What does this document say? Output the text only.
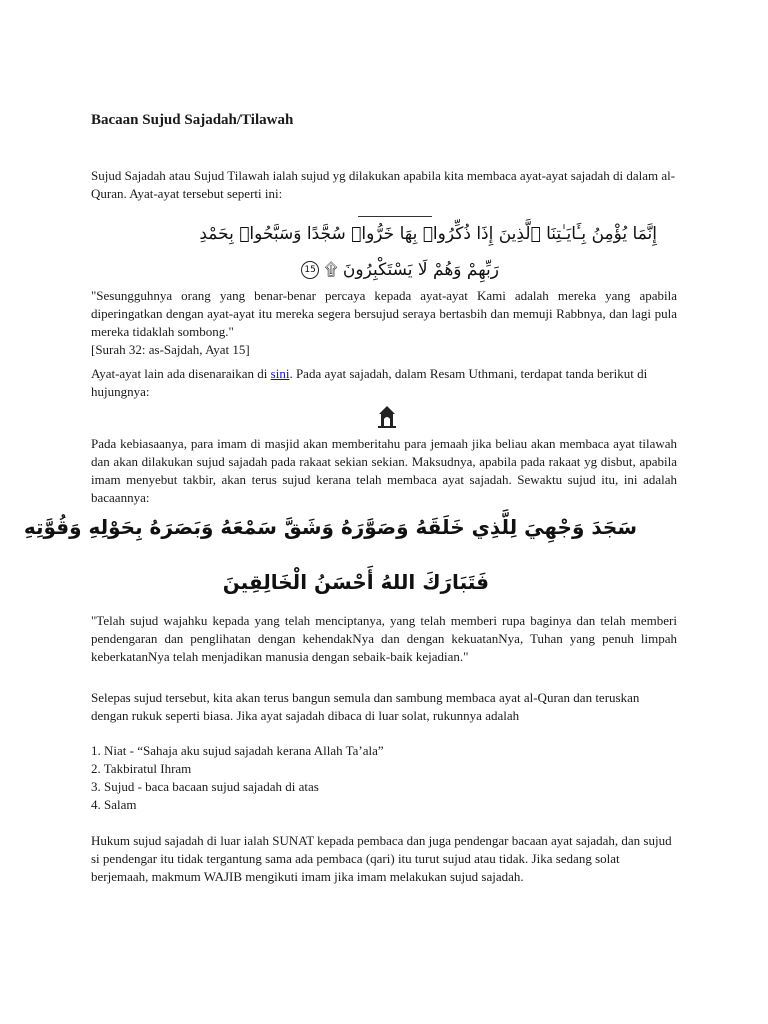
Bacaan Sujud Sajadah/Tilawah

Sujud Sajadah atau Sujud Tilawah ialah sujud yg dilakukan apabila kita membaca ayat-ayat sajadah di dalam al-Quran. Ayat-ayat tersebut seperti ini:

إِنَّمَا يُؤْمِنُ بِـَٔايَـٰتِنَا ٱلَّذِينَ إِذَا ذُكِّرُوا۟ بِهَا خَرُّوا۟ سُجَّدًا وَسَبَّحُوا۟ بِحَمْدِ
رَبِّهِمْ وَهُمْ لَا يَسْتَكْبِرُونَ ۩ 15

"Sesungguhnya orang yang benar-benar percaya kepada ayat-ayat Kami adalah mereka yang apabila diperingatkan dengan ayat-ayat itu mereka segera bersujud seraya bertasbih dan memuji Rabbnya, dan lagi pula mereka tidaklah sombong."

[Surah 32: as-Sajdah, Ayat 15]

Ayat-ayat lain ada disenaraikan di sini. Pada ayat sajadah, dalam Resam Uthmani, terdapat tanda berikut di hujungnya:

Pada kebiasaanya, para imam di masjid akan memberitahu para jemaah jika beliau akan membaca ayat tilawah dan akan dilakukan sujud sajadah pada rakaat sekian sekian. Maksudnya, apabila pada rakaat yg disbut, apabila imam menyebut takbir, akan terus sujud kerana telah membaca ayat sajadah. Sewaktu sujud itu, ini adalah bacaannya:

سَجَدَ وَجْهِيَ لِلَّذِي خَلَقَهُ وَصَوَّرَهُ وَشَقَّ سَمْعَهُ وَبَصَرَهُ بِحَوْلِهِ وَقُوَّتِهِ
فَتَبَارَكَ اللهُ أَحْسَنُ الْخَالِقِينَ

"Telah sujud wajahku kepada yang telah menciptanya, yang telah memberi rupa baginya dan telah memberi pendengaran dan penglihatan dengan kehendakNya dan dengan kekuatanNya, Tuhan yang penuh limpah keberkatanNya telah menjadikan manusia dengan sebaik-baik kejadian."

Selepas sujud tersebut, kita akan terus bangun semula dan sambung membaca ayat al-Quran dan teruskan dengan rukuk seperti biasa. Jika ayat sajadah dibaca di luar solat, rukunnya adalah

1. Niat - “Sahaja aku sujud sajadah kerana Allah Ta’ala”
2. Takbiratul Ihram
3. Sujud - baca bacaan sujud sajadah di atas
4. Salam

Hukum sujud sajadah di luar ialah SUNAT kepada pembaca dan juga pendengar bacaan ayat sajadah, dan sujud si pendengar itu tidak tergantung sama ada pembaca (qari) itu turut sujud atau tidak. Jika sedang solat berjemaah, makmum WAJIB mengikuti imam jika imam melakukan sujud sajadah.
